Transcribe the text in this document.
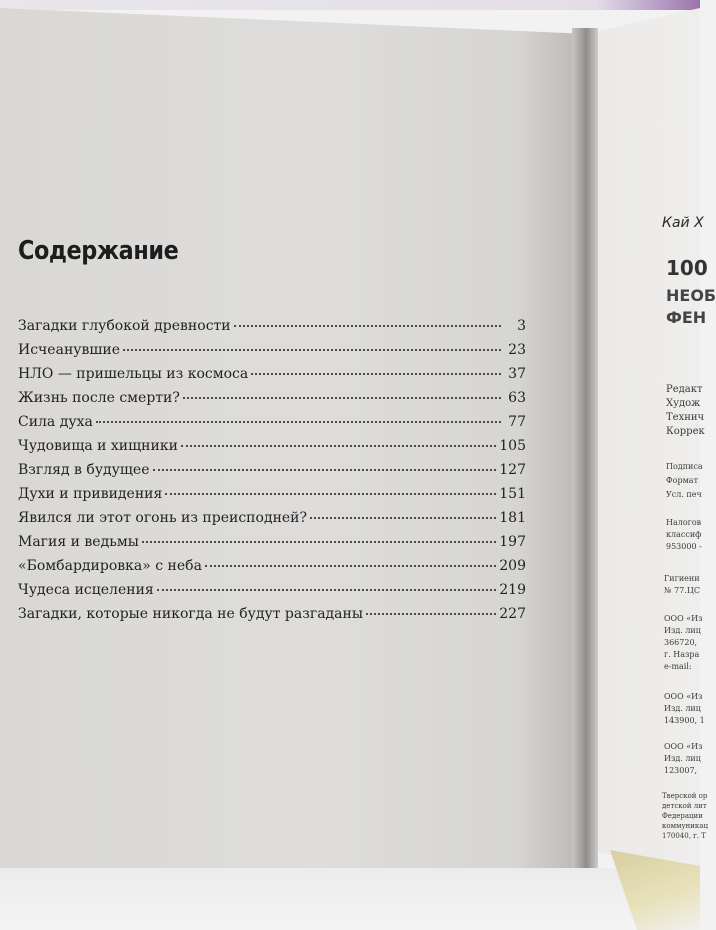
Содержание
Загадки глубокой древности	3
Исчеанувшие	23
НЛО — пришельцы из космоса	37
Жизнь после смерти?	63
Сила духа	77
Чудовища и хищники	105
Взгляд в будущее	127
Духи и привидения	151
Явился ли этот огонь из преисподней?	181
Магия и ведьмы	197
«Бомбардировка» с неба	209
Чудеса исцеления	219
Загадки, которые никогда не будут разгаданы	227
Кай Х
100
НЕОБ
ФЕН
Редакт
Худож
Технич
Коррек
Подписа
Формат
Усл. печ
Налогов
классиф
953000 -
Гигиени
№ 77.ЦС
ООО «Из
Изд. лиц
366720,
г. Назра
e-mail:
ООО «Из
Изд. лиц
143900, 1
ООО «Из
Изд. лиц
123007,
Тверской ор
детской лит
Федерации
коммуникац
170040, г. Т
